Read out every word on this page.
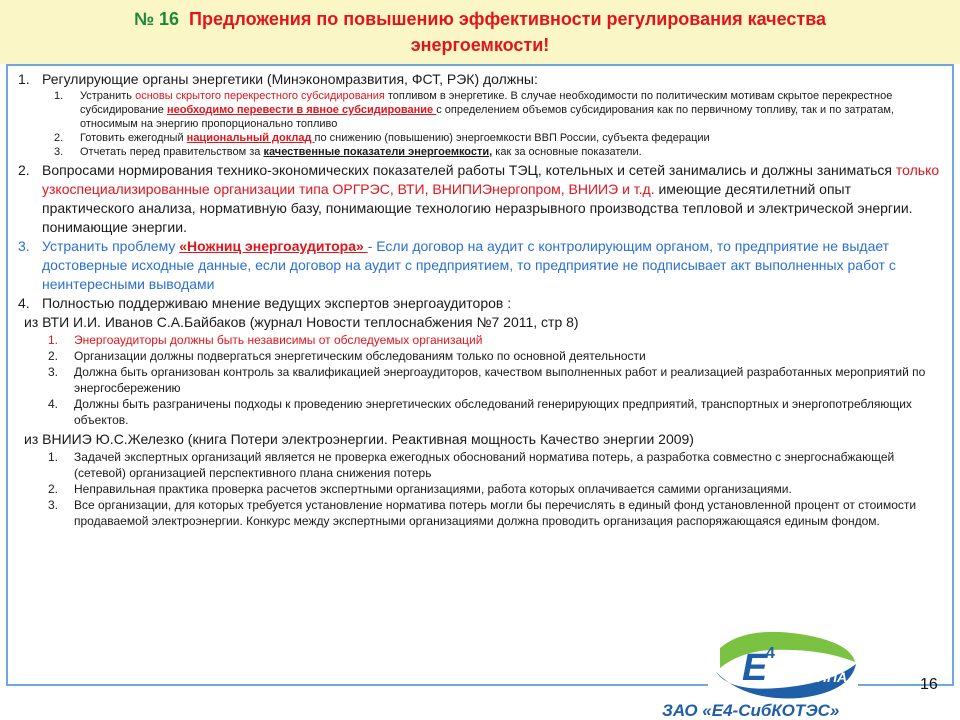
№ 16 Предложения по повышению эффективности регулирования качества
энергоемкости!
1. Регулирующие органы энергетики (Минэкономразвития, ФСТ, РЭК) должны:
1.	Устранить основы скрытого перекрестного субсидирования топливом в энергетике. В случае необходимости по политическим мотивам скрытое перекрестное субсидирование необходимо перевести в явное субсидирование с определением объемов субсидирования как по первичному топливу, так и по затратам, относимым на энергию пропорционально топливо
2.	Готовить ежегодный национальный доклад по снижению (повышению) энергоемкости ВВП России, субъекта федерации
3.	Отчетать перед правительством за качественные показатели энергоемкости, как за основные показатели.
2. Вопросами нормирования технико-экономических показателей работы ТЭЦ, котельных и сетей занимались и должны заниматься только узкоспециализированные организации типа ОРГРЭС, ВТИ, ВНИПИЭнергопром, ВНИИЭ и т.д. имеющие десятилетний опыт практического анализа, нормативную базу, понимающие технологию неразрывного производства тепловой и электрической энергии. понимающие энергии.
3. Устранить проблему «Ножниц энергоаудитора» - Если договор на аудит с контролирующим органом, то предприятие не выдает достоверные исходные данные, если договор на аудит с предприятием, то предприятие не подписывает акт выполненных работ с неинтересными выводами
4. Полностью поддерживаю мнение ведущих экспертов энергоаудиторов :
из ВТИ И.И. Иванов С.А.Байбаков (журнал Новости теплоснабжения №7 2011, стр 8)
1.	Энергоаудиторы должны быть независимы от обследуемых организаций
2.	Организации должны подвергаться энергетическим обследованиям только по основной деятельности
3.	Должна быть организован контроль за квалификацией энергоаудиторов, качеством выполненных работ и реализацией разработанных мероприятий по энергосбережению
4.	Должны быть разграничены подходы к проведению энергетических обследований генерирующих предприятий, транспортных и энергопотребляющих объектов.
из ВНИИЭ Ю.С.Железко (книга Потери электроэнергии. Реактивная мощность Качество энергии 2009)
1.	Задачей экспертных организаций является не проверка ежегодных обоснований норматива потерь, а разработка совместно с энергоснабжающей (сетевой) организацией перспективного плана снижения потерь
2.	Неправильная практика проверка расчетов экспертными организациями, работа которых оплачивается самими организациями.
3.	Все организации, для которых требуется установление норматива потерь могли бы перечислять в единый фонд установленной процент от стоимости продаваемой электроэнергии. Конкурс между экспертными организациями должна проводить организация распоряжающаяся единым фондом.
Е
4
ГРУППА
ЗАО «Е4-СибКОТЭС»
16
